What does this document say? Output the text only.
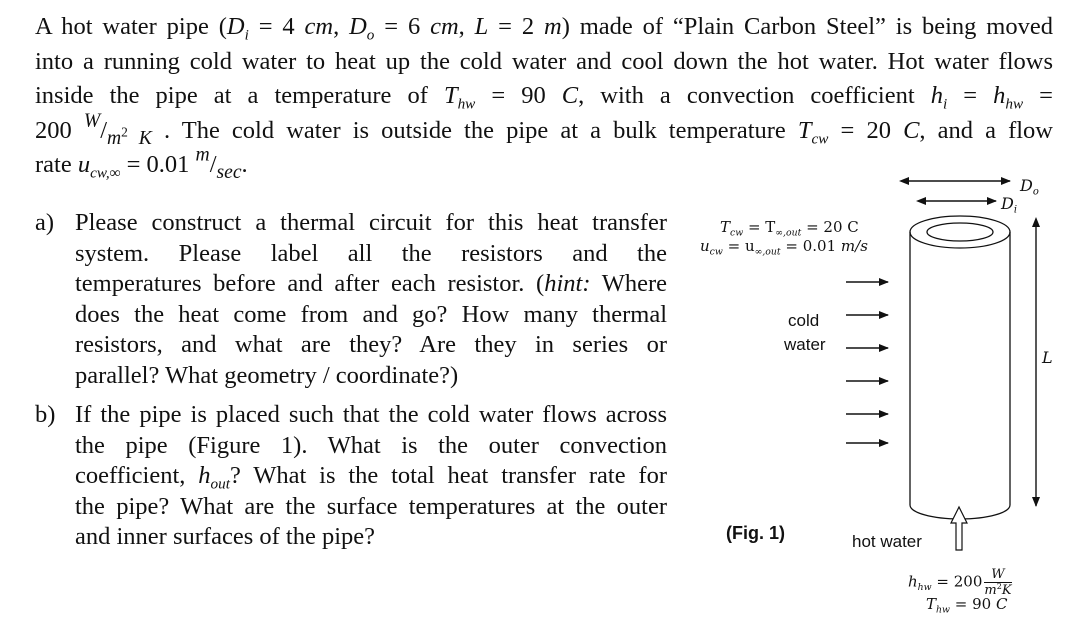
A hot water pipe ($D_i = 4$ cm, $D_o = 6$ cm, L = 2 m) made of “Plain Carbon Steel” is being moved
into a running cold water to heat up the cold water and cool down the hot water. Hot water flows
inside the pipe at a temperature of $T_{hw} = 90$ C, with a convection coefficient $h_i = h_{hw}$ =
200 $^W/_{m2}$ $_K$ . The cold water is outside the pipe at a bulk temperature $T_{cw} = 20$ C, and a flow
rate $u_{cw,\infty} = 0.01$ $^m/_{sec}$.
a) Please construct a thermal circuit for this heat transfer
system. Please label all the resistors and the
temperatures before and after each resistor. (hint: Where
does the heat come from and go? How many thermal
resistors, and what are they? Are they in series or
parallel? What geometry / coordinate?)
b) If the pipe is placed such that the cold water flows across
the pipe (Figure 1). What is the outer convection
coefficient, $h_{out}$? What is the total heat transfer rate for
the pipe? What are the surface temperatures at the outer
and inner surfaces of the pipe?
$D_o$
$D_i$
L
$T_{cw} = T_{\infty,out} = 20$ C
$u_{cw} = u_{\infty,out} = 0.01$ m/s
cold
water
(Fig. 1)	hot water
$h_{hw} = 200 \frac{W}{m^2K}$
$T_{hw} = 90$ C
